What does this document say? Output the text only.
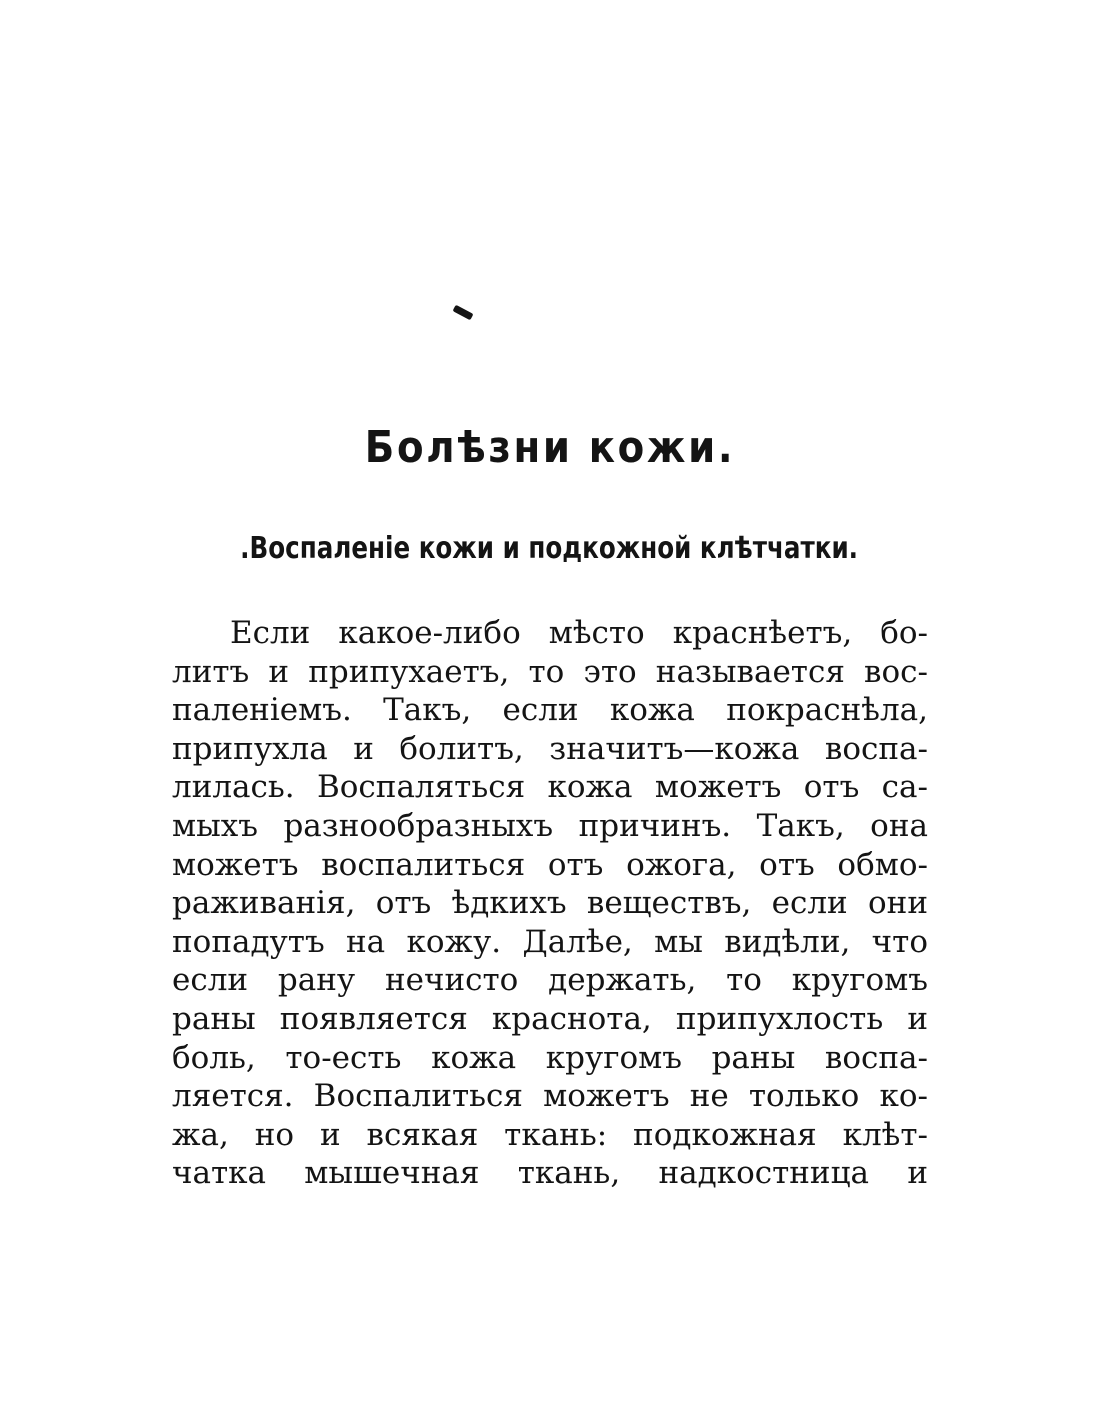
Болѣзни кожи.
.Воспаленіе кожи и подкожной клѣтчатки.
Если какое-либо мѣсто краснѣетъ, бо-
литъ и припухаетъ, то это называется вос-
паленіемъ. Такъ, если кожа покраснѣла,
припухла и болитъ, значитъ—кожа воспа-
лилась. Воспаляться кожа можетъ отъ са-
мыхъ разнообразныхъ причинъ. Такъ, она
можетъ воспалиться отъ ожога, отъ обмо-
раживанія, отъ ѣдкихъ веществъ, если они
попадутъ на кожу. Далѣе, мы видѣли, что
если рану нечисто держать, то кругомъ
раны появляется краснота, припухлость и
боль, то-есть кожа кругомъ раны воспа-
ляется. Воспалиться можетъ не только ко-
жа, но и всякая ткань: подкожная клѣт-
чатка мышечная ткань, надкостница и
